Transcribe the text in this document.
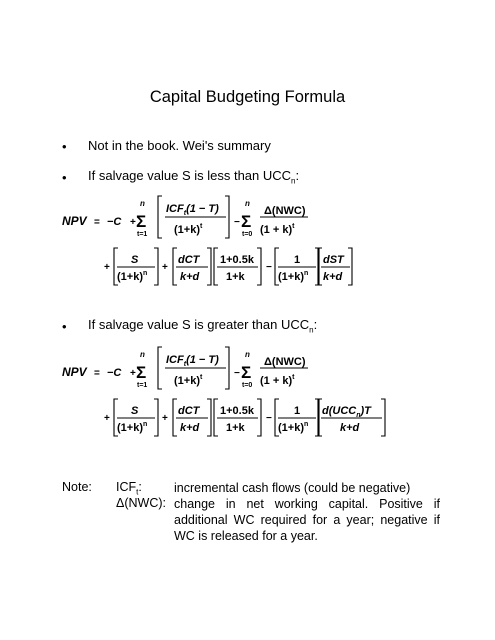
Capital Budgeting Formula
• Not in the book. Wei's summary
• If salvage value S is less than $UCC_n$:
NPV = −C +
n
Σ
t=1
$ICF_t(1 - T)$
$(1+k)^t$	−
n
Σ
t=0
Δ(NWC)
$(1 + k)^t$
+
S
$(1+k)^n$
+
dCT
k+d
1+0.5k
1+k
−
1
$(1+k)^n$
dST
k+d
• If salvage value S is greater than $UCC_n$:
NPV = −C +
n
Σ
t=1
$ICF_t(1 - T)$
$(1+k)^t$	−
n
Σ
t=0
Δ(NWC)
$(1 + k)^t$
+
S
$(1+k)^n$
+
dCT
k+d
1+0.5k
1+k
−
1
$(1+k)^n$
$d(UCC_n)T$
k+d
Note: $ICF_t$:	incremental cash flows (could be negative)
Δ(NWC): change in net working capital. Positive if additional WC required for a year; negative if WC is released for a year.
